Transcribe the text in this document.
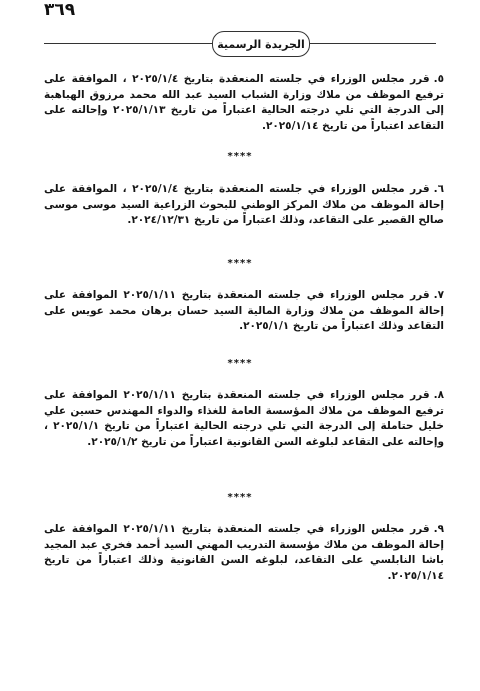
٣٦٩
الجريدة الرسمية
٥.قرر مجلس الوزراء في جلسته المنعقدة بتاريخ ٢٠٢٥/١/٤ ، الموافقة على ترفيع الموظف من ملاك وزارة الشباب السيد عبد الله محمد مرزوق الهباهبة إلى الدرجة التي تلي درجته الحالية اعتباراً من تاريخ ٢٠٢٥/١/١٣ وإحالته على التقاعد اعتباراً من تاريخ ٢٠٢٥/١/١٤.
****
٦.قرر مجلس الوزراء في جلسته المنعقدة بتاريخ ٢٠٢٥/١/٤ ، الموافقة على إحالة الموظف من ملاك المركز الوطني للبحوث الزراعية السيد موسى موسى صالح القصير على التقاعد، وذلك اعتباراً من تاريخ ٢٠٢٤/١٢/٣١.
****
٧.قرر مجلس الوزراء في جلسته المنعقدة بتاريخ ٢٠٢٥/١/١١ الموافقة على إحالة الموظف من ملاك وزارة المالية السيد حسان برهان محمد عويس على التقاعد وذلك اعتباراً من تاريخ ٢٠٢٥/١/١.
****
٨.قرر مجلس الوزراء في جلسته المنعقدة بتاريخ ٢٠٢٥/١/١١ الموافقة على ترفيع الموظف من ملاك المؤسسة العامة للغذاء والدواء المهندس حسين علي خليل حتاملة إلى الدرجة التي تلي درجته الحالية اعتباراً من تاريخ ٢٠٢٥/١/١ ، وإحالته على التقاعد لبلوغه السن القانونية اعتباراً من تاريخ ٢٠٢٥/١/٢.
****
٩.قرر مجلس الوزراء في جلسته المنعقدة بتاريخ ٢٠٢٥/١/١١ الموافقة على إحالة الموظف من ملاك مؤسسة التدريب المهني السيد أحمد فخري عبد المجيد باشا النابلسي على التقاعد، لبلوغه السن القانونية وذلك اعتباراً من تاريخ ٢٠٢٥/١/١٤.
